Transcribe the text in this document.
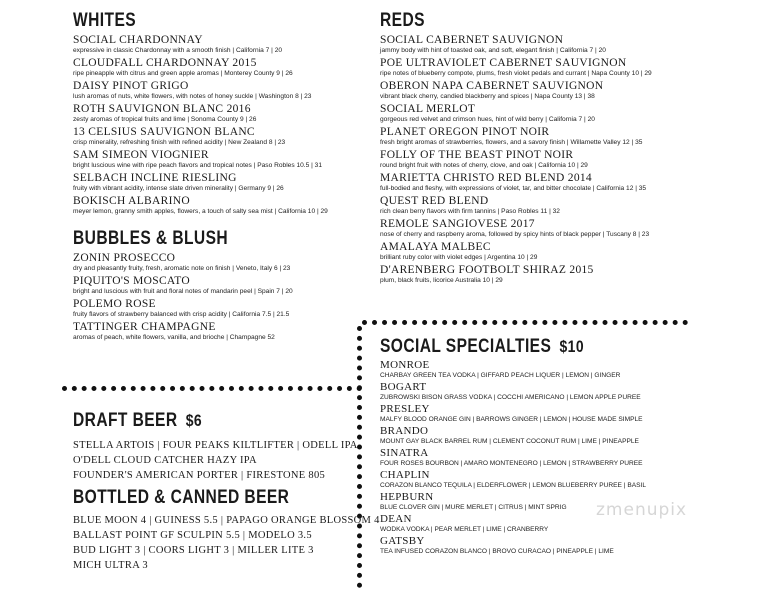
WHITES
SOCIAL CHARDONNAY
expressive in classic Chardonnay with a smooth finish | California 7 | 20
CLOUDFALL CHARDONNAY 2015
ripe pineapple with citrus and green apple aromas | Monterey County 9 | 26
DAISY PINOT GRIGO
lush aromas of nuts, white flowers, with notes of honey suckle | Washington 8 | 23
ROTH SAUVIGNON BLANC 2016
zesty aromas of tropical fruits and lime | Sonoma County 9 | 26
13 CELSIUS SAUVIGNON BLANC
crisp minerality, refreshing finish with refined acidity | New Zealand 8 | 23
SAM SIMEON VIOGNIER
bright luscious wine with ripe peach flavors and tropical notes | Paso Robles 10.5 | 31
SELBACH INCLINE RIESLING
fruity with vibrant acidity, intense slate driven minerality | Germany 9 | 26
BOKISCH ALBARINO
meyer lemon, granny smith apples, flowers, a touch of salty sea mist | California 10 | 29
BUBBLES & BLUSH
ZONIN PROSECCO
dry and pleasantly fruity, fresh, aromatic note on finish | Veneto, Italy 6 | 23
PIQUITO'S MOSCATO
bright and luscious with fruit and floral notes of mandarin peel | Spain 7 | 20
POLEMO ROSE
fruity flavors of strawberry balanced with crisp acidity | California 7.5 | 21.5
TATTINGER CHAMPAGNE
aromas of peach, white flowers, vanilla, and brioche | Champagne 52
DRAFT BEER $6
STELLA ARTOIS | FOUR PEAKS KILTLIFTER | ODELL IPA
O'DELL CLOUD CATCHER HAZY IPA
FOUNDER'S AMERICAN PORTER | FIRESTONE 805
BOTTLED & CANNED BEER
BLUE MOON 4 | GUINESS 5.5 | PAPAGO ORANGE BLOSSOM 4
BALLAST POINT GF SCULPIN 5.5 | MODELO 3.5
BUD LIGHT 3 | COORS LIGHT 3 | MILLER LITE 3
MICH ULTRA 3
REDS
SOCIAL CABERNET SAUVIGNON
jammy body with hint of toasted oak, and soft, elegant finish | California 7 | 20
POE ULTRAVIOLET CABERNET SAUVIGNON
ripe notes of blueberry compote, plums, fresh violet pedals and currant | Napa County 10 | 29
OBERON NAPA CABERNET SAUVIGNON
vibrant black cherry, candied blackberry and spices | Napa County 13 | 38
SOCIAL MERLOT
gorgeous red velvet and crimson hues, hint of wild berry | California 7 | 20
PLANET OREGON PINOT NOIR
fresh bright aromas of strawberries, flowers, and a savory finish | Willamette Valley 12 | 35
FOLLY OF THE BEAST PINOT NOIR
round bright fruit with notes of cherry, clove, and oak | California 10 | 29
MARIETTA CHRISTO RED BLEND 2014
full-bodied and fleshy, with expressions of violet, tar, and bitter chocolate | California 12 | 35
QUEST RED BLEND
rich clean berry flavors with firm tannins | Paso Robles 11 | 32
REMOLE SANGIOVESE 2017
nose of cherry and raspberry aroma, followed by spicy hints of black pepper | Tuscany 8 | 23
AMALAYA MALBEC
brilliant ruby color with violet edges | Argentina 10 | 29
D'ARENBERG FOOTBOLT SHIRAZ 2015
plum, black fruits, licorice Australia 10 | 29
SOCIAL SPECIALTIES $10
MONROE
CHARBAY GREEN TEA VODKA | GIFFARD PEACH LIQUER | LEMON | GINGER
BOGART
ZUBROWSKI BISON GRASS VODKA | COCCHI AMERICANO | LEMON APPLE PUREE
PRESLEY
MALFY BLOOD ORANGE GIN | BARROWS GINGER | LEMON | HOUSE MADE SIMPLE
BRANDO
MOUNT GAY BLACK BARREL RUM | CLEMENT COCONUT RUM | LIME | PINEAPPLE
SINATRA
FOUR ROSES BOURBON | AMARO MONTENEGRO | LEMON | STRAWBERRY PUREE
CHAPLIN
CORAZON BLANCO TEQUILA | ELDERFLOWER | LEMON BLUEBERRY PUREE | BASIL
HEPBURN
BLUE CLOVER GIN | MURE MERLET | CITRUS | MINT SPRIG
DEAN
WODKA VODKA | PEAR MERLET | LIME | CRANBERRY
GATSBY
TEA INFUSED CORAZON BLANCO | BROVO CURACAO | PINEAPPLE | LIME
zmenupix
